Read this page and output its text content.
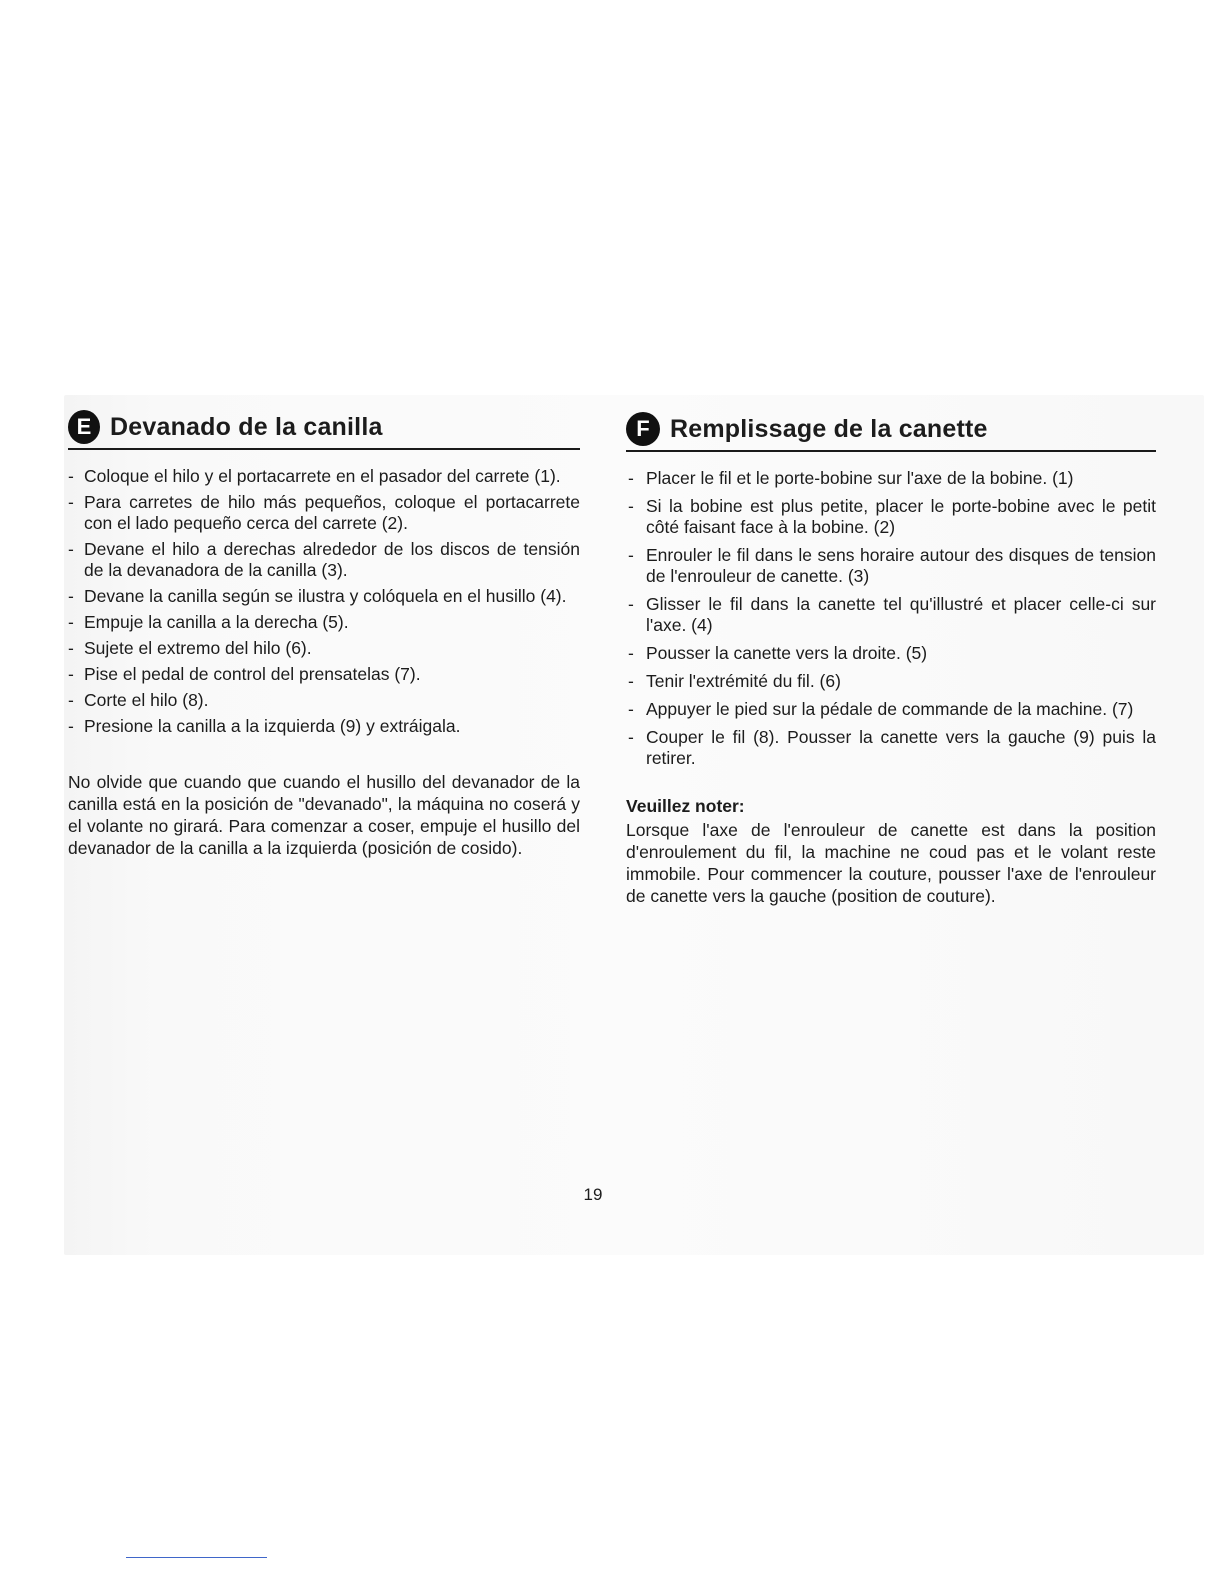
E Devanado de la canilla
- Coloque el hilo y el portacarrete en el pasador del carrete (1).
- Para carretes de hilo más pequeños, coloque el portacarrete con el lado pequeño cerca del carrete (2).
- Devane el hilo a derechas alrededor de los discos de tensión de la devanadora de la canilla (3).
- Devane la canilla según se ilustra y colóquela en el husillo (4).
- Empuje la canilla a la derecha (5).
- Sujete el extremo del hilo (6).
- Pise el pedal de control del prensatelas (7).
- Corte el hilo (8).
- Presione la canilla a la izquierda (9) y extráigala.

No olvide que cuando que cuando el husillo del devanador de la canilla está en la posición de "devanado", la máquina no coserá y el volante no girará. Para comenzar a coser, empuje el husillo del devanador de la canilla a la izquierda (posición de cosido).

F Remplissage de la canette
- Placer le fil et le porte-bobine sur l'axe de la bobine. (1)
- Si la bobine est plus petite, placer le porte-bobine avec le petit côté faisant face à la bobine. (2)
- Enrouler le fil dans le sens horaire autour des disques de tension de l'enrouleur de canette. (3)
- Glisser le fil dans la canette tel qu'illustré et placer celle-ci sur l'axe. (4)
- Pousser la canette vers la droite. (5)
- Tenir l'extrémité du fil. (6)
- Appuyer le pied sur la pédale de commande de la machine. (7)
- Couper le fil (8). Pousser la canette vers la gauche (9) puis la retirer.
Veuillez noter:

Lorsque l'axe de l'enrouleur de canette est dans la position d'enroulement du fil, la machine ne coud pas et le volant reste immobile. Pour commencer la couture, pousser l'axe de l'enrouleur de canette vers la gauche (position de couture).

19
